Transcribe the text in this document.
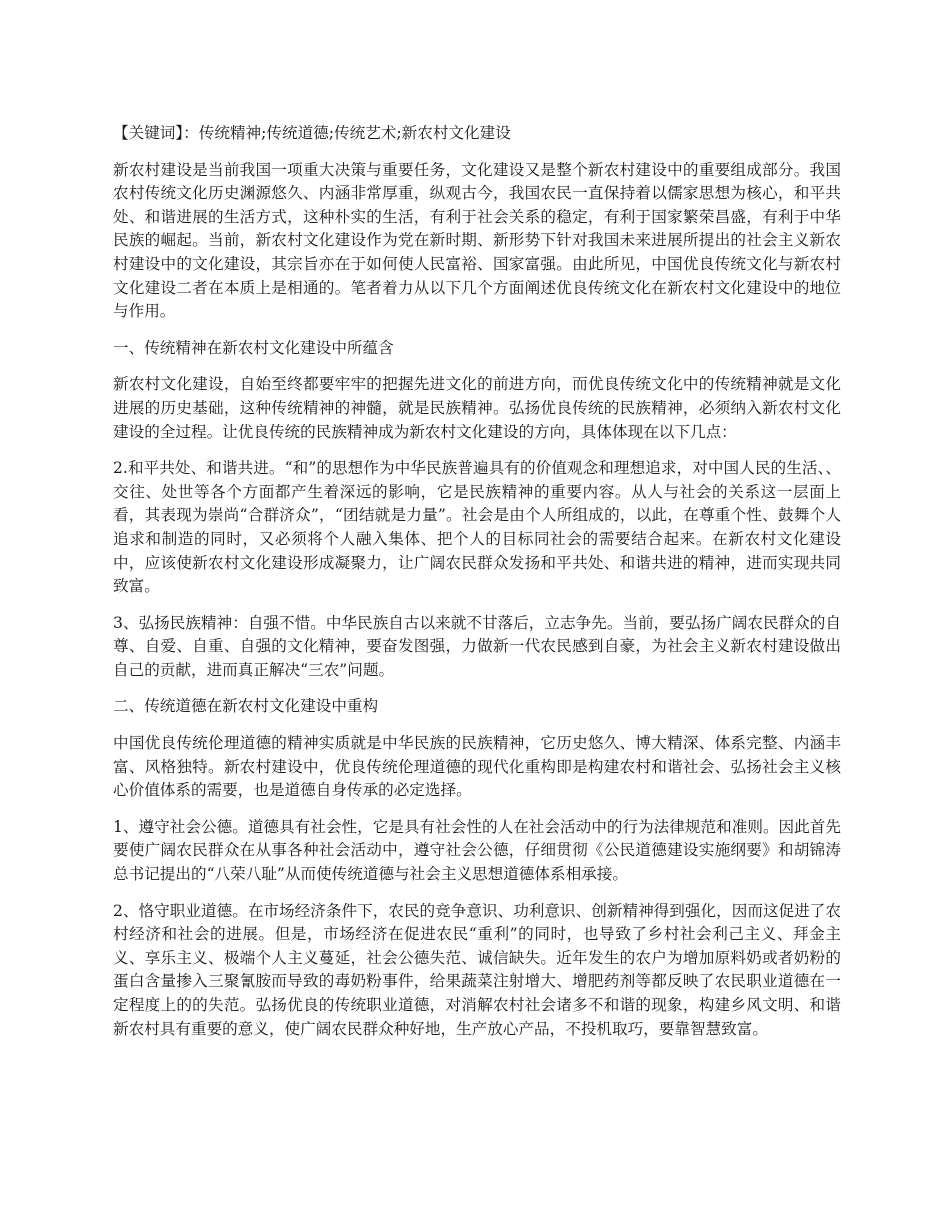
【关键词】：传统精神;传统道德;传统艺术;新农村文化建设

新农村建设是当前我国一项重大决策与重要任务，文化建设又是整个新农村建设中的重要组成部分。我国农村传统文化历史渊源悠久、内涵非常厚重，纵观古今，我国农民一直保持着以儒家思想为核心，和平共处、和谐进展的生活方式，这种朴实的生活，有利于社会关系的稳定，有利于国家繁荣昌盛，有利于中华民族的崛起。当前，新农村文化建设作为党在新时期、新形势下针对我国未来进展所提出的社会主义新农村建设中的文化建设，其宗旨亦在于如何使人民富裕、国家富强。由此所见，中国优良传统文化与新农村文化建设二者在本质上是相通的。笔者着力从以下几个方面阐述优良传统文化在新农村文化建设中的地位与作用。

一、传统精神在新农村文化建设中所蕴含

新农村文化建设，自始至终都要牢牢的把握先进文化的前进方向，而优良传统文化中的传统精神就是文化进展的历史基础，这种传统精神的神髓，就是民族精神。弘扬优良传统的民族精神，必须纳入新农村文化建设的全过程。让优良传统的民族精神成为新农村文化建设的方向，具体体现在以下几点：

2.和平共处、和谐共进。“和”的思想作为中华民族普遍具有的价值观念和理想追求，对中国人民的生活、、交往、处世等各个方面都产生着深远的影响，它是民族精神的重要内容。从人与社会的关系这一层面上看，其表现为崇尚“合群济众”，“团结就是力量”。社会是由个人所组成的，以此，在尊重个性、鼓舞个人追求和制造的同时，又必须将个人融入集体、把个人的目标同社会的需要结合起来。在新农村文化建设中，应该使新农村文化建设形成凝聚力，让广阔农民群众发扬和平共处、和谐共进的精神，进而实现共同致富。

3、弘扬民族精神：自强不惜。中华民族自古以来就不甘落后，立志争先。当前，要弘扬广阔农民群众的自尊、自爱、自重、自强的文化精神，要奋发图强，力做新一代农民感到自豪，为社会主义新农村建设做出自己的贡献，进而真正解决“三农”问题。

二、传统道德在新农村文化建设中重构

中国优良传统伦理道德的精神实质就是中华民族的民族精神，它历史悠久、博大精深、体系完整、内涵丰富、风格独特。新农村建设中，优良传统伦理道德的现代化重构即是构建农村和谐社会、弘扬社会主义核心价值体系的需要，也是道德自身传承的必定选择。

1、遵守社会公德。道德具有社会性，它是具有社会性的人在社会活动中的行为法律规范和准则。因此首先要使广阔农民群众在从事各种社会活动中，遵守社会公德，仔细贯彻《公民道德建设实施纲要》和胡锦涛总书记提出的“八荣八耻”从而使传统道德与社会主义思想道德体系相承接。

2、恪守职业道德。在市场经济条件下，农民的竞争意识、功利意识、创新精神得到强化，因而这促进了农村经济和社会的进展。但是，市场经济在促进农民“重利”的同时，也导致了乡村社会利己主义、拜金主义、享乐主义、极端个人主义蔓延，社会公德失范、诚信缺失。近年发生的农户为增加原料奶或者奶粉的蛋白含量掺入三聚氰胺而导致的毒奶粉事件，给果蔬菜注射增大、增肥药剂等都反映了农民职业道德在一定程度上的的失范。弘扬优良的传统职业道德，对消解农村社会诸多不和谐的现象，构建乡风文明、和谐新农村具有重要的意义，使广阔农民群众种好地，生产放心产品，不投机取巧，要靠智慧致富。
